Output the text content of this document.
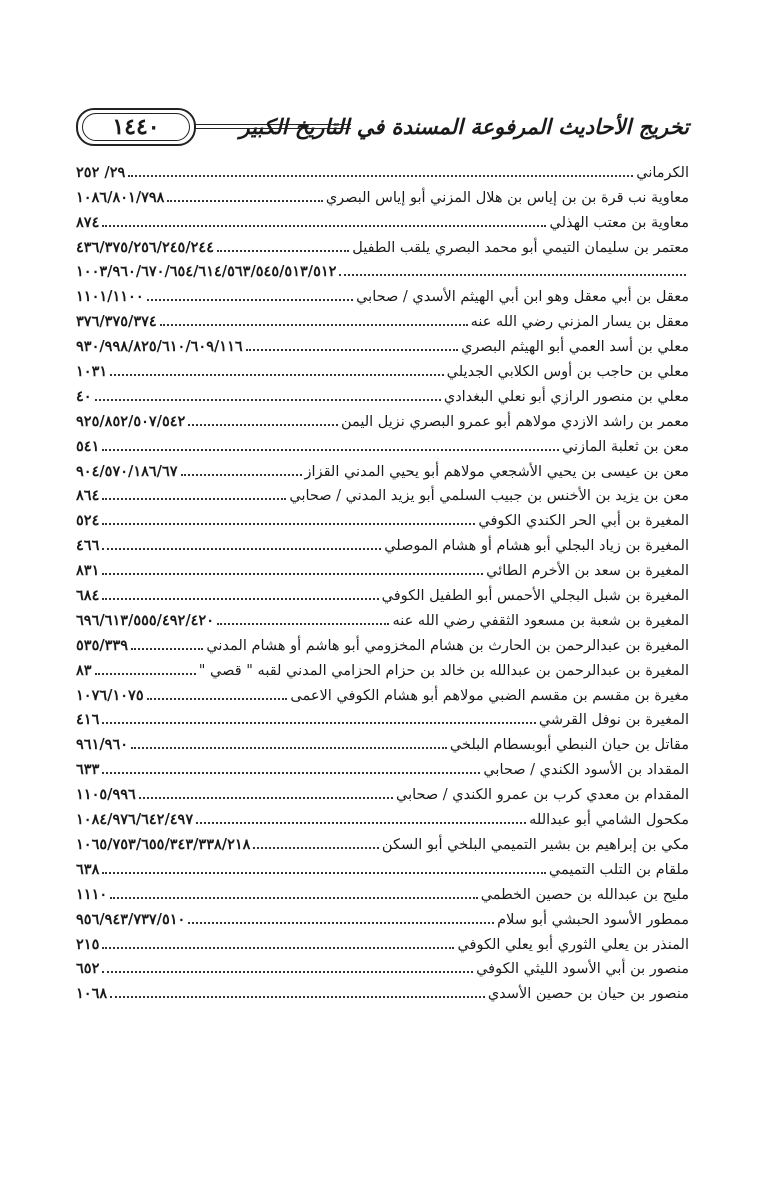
تخريج الأحاديث المرفوعة المسندة في التاريخ الكبير
١٤٤٠
الكرماني
٢٩/ ٢٥٢
معاوية نب قرة بن بن إياس بن هلال المزني أبو إياس البصري
١٠٨٦/٨٠١/٧٩٨
معاوية بن معتب الهذلي
٨٧٤
معتمر بن سليمان التيمي أبو محمد البصري يلقب الطفيل
٤٣٦/٣٧٥/٢٥٦/٢٤٥/٢٤٤
١٠٠٣/٩٦٠/٦٧٠/٦٥٤/٦١٤/٥٦٣/٥٤٥/٥١٣/٥١٢
معقل بن أبي معقل وهو ابن أبي الهيثم الأسدي / صحابي
١١٠١/١١٠٠
معقل بن يسار المزني رضي الله عنه
٣٧٦/٣٧٥/٣٧٤
معلي بن أسد العمي أبو الهيثم البصري
٩٣٠/٩٩٨/٨٢٥/٦١٠/٦٠٩/١١٦
معلي بن حاجب بن أوس الكلابي الجديلي
١٠٣١
معلي بن منصور الرازي أبو نعلي البغدادي
٤٠
معمر بن راشد الازدي مولاهم أبو عمرو البصري نزيل اليمن
٩٢٥/٨٥٢/٥٠٧/٥٤٢
معن بن ثعلبة المازني
٥٤١
معن بن عيسى بن يحيي الأشجعي مولاهم أبو يحيي المدني القزاز
٩٠٤/٥٧٠/١٨٦/٦٧
معن بن يزيد بن الأخنس بن جبيب السلمي أبو يزيد المدني / صحابي
٨٦٤
المغيرة بن أبي الحر الكندي الكوفي
٥٢٤
المغيرة بن زياد البجلي أبو هشام أو هشام الموصلي
٤٦٦
المغيرة بن سعد بن الأخرم الطائي
٨٣١
المغيرة بن شبل البجلي الأحمس أبو الطفيل الكوفي
٦٨٤
المغيرة بن شعبة بن مسعود الثقفي رضي الله عنه
٦٩٦/٦١٣/٥٥٥/٤٩٢/٤٢٠
المغيرة بن عبدالرحمن بن الحارث بن هشام المخزومي أبو هاشم أو هشام المدني
٥٣٥/٣٣٩
المغيرة بن عبدالرحمن بن عبدالله بن خالد بن حزام الحزامي المدني لقبه " قصي "
٨٣
مغيرة بن مقسم بن مقسم الضبي مولاهم أبو هشام الكوفي الاعمى
١٠٧٦/١٠٧٥
المغيرة بن نوفل القرشي
٤١٦
مقاتل بن حيان النبطي أبوبسطام البلخي
٩٦١/٩٦٠
المقداد بن الأسود الكندي / صحابي
٦٣٣
المقدام بن معدي كرب بن عمرو الكندي / صحابي
١١٠٥/٩٩٦
مكحول الشامي أبو عبدالله
١٠٨٤/٩٧٦/٦٤٢/٤٩٧
مكي بن إبراهيم بن بشير التميمي البلخي أبو السكن
١٠٦٥/٧٥٣/٦٥٥/٣٤٣/٣٣٨/٢١٨
ملقام بن التلب التميمي
٦٣٨
مليح بن عبدالله بن حصين الخطمي
١١١٠
ممطور الأسود الحبشي أبو سلام
٩٥٦/٩٤٣/٧٣٧/٥١٠
المنذر بن يعلي الثوري أبو يعلي الكوفي
٢١٥
منصور بن أبي الأسود الليثي الكوفي
٦٥٢
منصور بن حيان بن حصين الأسدي
١٠٦٨
